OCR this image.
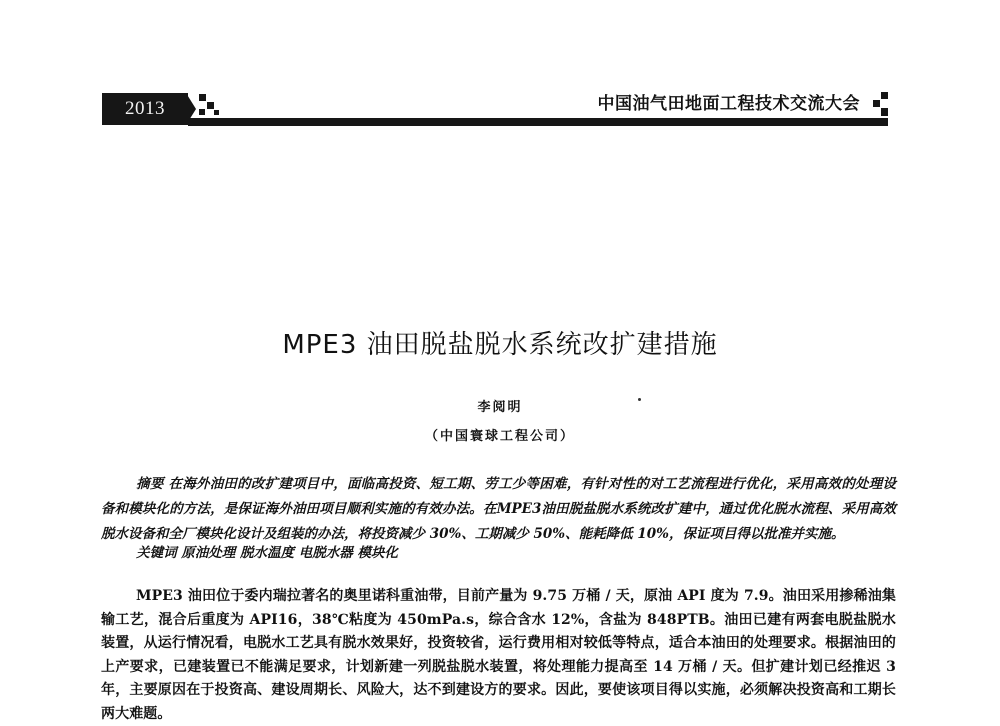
2013	中国油气田地面工程技术交流大会
MPE3 油田脱盐脱水系统改扩建措施
李阅明
（中国寰球工程公司）

摘要 在海外油田的改扩建项目中，面临高投资、短工期、劳工少等困难，有针对性的对工艺流程进行优化，采用高效的处理设备和模块化的方法，是保证海外油田项目顺利实施的有效办法。在MPE3油田脱盐脱水系统改扩建中，通过优化脱水流程、采用高效脱水设备和全厂模块化设计及组装的办法，将投资减少 30%、工期减少 50%、能耗降低 10%，保证项目得以批准并实施。

关键词 原油处理 脱水温度 电脱水器 模块化

MPE3 油田位于委内瑞拉著名的奥里诺科重油带，目前产量为 9.75 万桶 / 天，原油 API 度为 7.9。油田采用掺稀油集输工艺，混合后重度为 API16，38℃粘度为 450mPa.s，综合含水 12%，含盐为 848PTB。油田已建有两套电脱盐脱水装置，从运行情况看，电脱水工艺具有脱水效果好，投资较省，运行费用相对较低等特点，适合本油田的处理要求。根据油田的上产要求，已建装置已不能满足要求，计划新建一列脱盐脱水装置，将处理能力提高至 14 万桶 / 天。但扩建计划已经推迟 3 年，主要原因在于投资高、建设周期长、风险大，达不到建设方的要求。因此，要使该项目得以实施，必须解决投资高和工期长两大难题。
